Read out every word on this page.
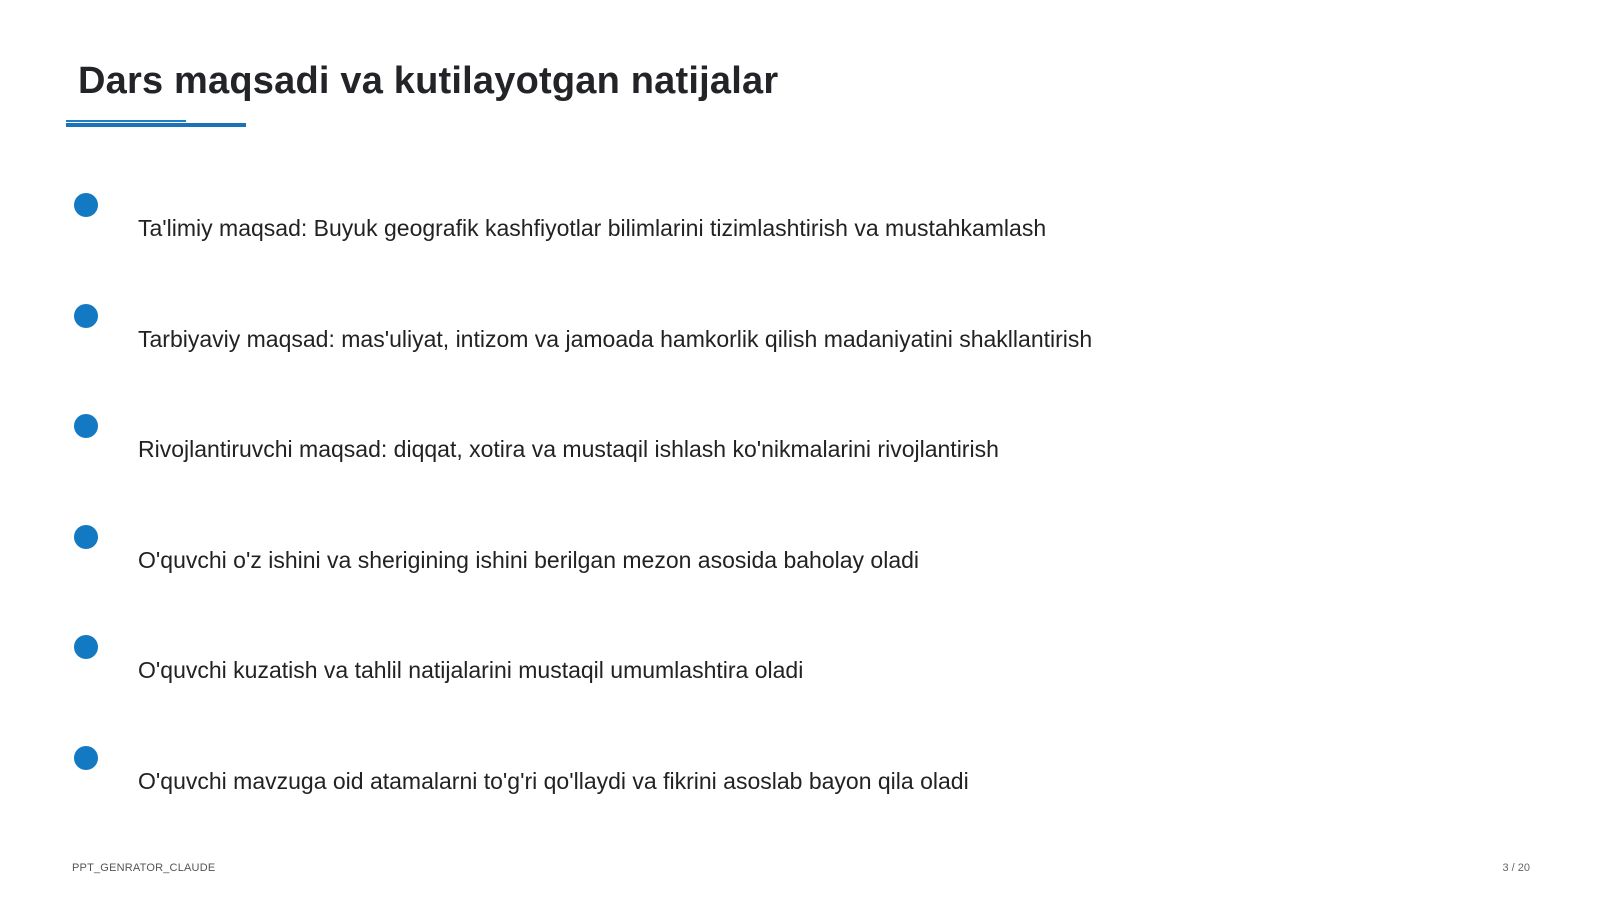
Dars maqsadi va kutilayotgan natijalar
Ta'limiy maqsad: Buyuk geografik kashfiyotlar bilimlarini tizimlashtirish va mustahkamlash
Tarbiyaviy maqsad: mas'uliyat, intizom va jamoada hamkorlik qilish madaniyatini shakllantirish
Rivojlantiruvchi maqsad: diqqat, xotira va mustaqil ishlash ko'nikmalarini rivojlantirish
O'quvchi o'z ishini va sherigining ishini berilgan mezon asosida baholay oladi
O'quvchi kuzatish va tahlil natijalarini mustaqil umumlashtira oladi
O'quvchi mavzuga oid atamalarni to'g'ri qo'llaydi va fikrini asoslab bayon qila oladi
PPT_GENRATOR_CLAUDE	3 / 20
